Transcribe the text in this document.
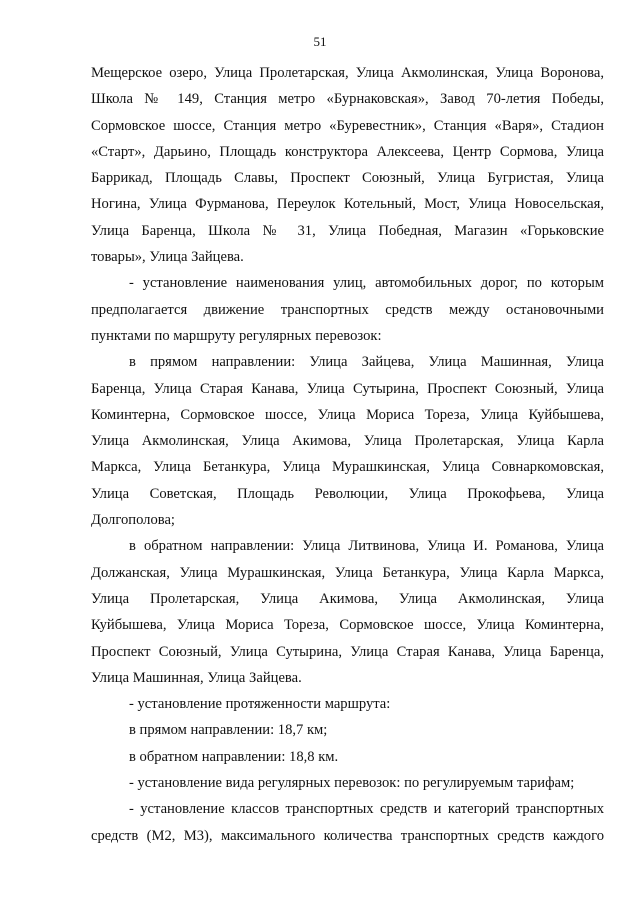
51
Мещерское озеро, Улица Пролетарская, Улица Акмолинская, Улица Воронова,
Школа № 149, Станция метро «Бурнаковская», Завод 70-летия Победы,
Сормовское шоссе, Станция метро «Буревестник», Станция «Варя», Стадион
«Старт», Дарьино, Площадь конструктора Алексеева, Центр Сормова, Улица
Баррикад, Площадь Славы, Проспект Союзный, Улица Бугристая, Улица
Ногина, Улица Фурманова, Переулок Котельный, Мост, Улица Новосельская,
Улица Баренца, Школа № 31, Улица Победная, Магазин «Горьковские
товары», Улица Зайцева.
- установление наименования улиц, автомобильных дорог, по которым
предполагается движение транспортных средств между остановочными
пунктами по маршруту регулярных перевозок:
в прямом направлении: Улица Зайцева, Улица Машинная, Улица
Баренца, Улица Старая Канава, Улица Сутырина, Проспект Союзный, Улица
Коминтерна, Сормовское шоссе, Улица Мориса Тореза, Улица Куйбышева,
Улица Акмолинская, Улица Акимова, Улица Пролетарская, Улица Карла
Маркса, Улица Бетанкура, Улица Мурашкинская, Улица Совнаркомовская,
Улица Советская, Площадь Революции, Улица Прокофьева, Улица
Долгополова;
в обратном направлении: Улица Литвинова, Улица И. Романова, Улица
Должанская, Улица Мурашкинская, Улица Бетанкура, Улица Карла Маркса,
Улица Пролетарская, Улица Акимова, Улица Акмолинская, Улица
Куйбышева, Улица Мориса Тореза, Сормовское шоссе, Улица Коминтерна,
Проспект Союзный, Улица Сутырина, Улица Старая Канава, Улица Баренца,
Улица Машинная, Улица Зайцева.
- установление протяженности маршрута:
в прямом направлении: 18,7 км;
в обратном направлении: 18,8 км.
- установление вида регулярных перевозок: по регулируемым тарифам;
- установление классов транспортных средств и категорий транспортных
средств (М2, М3), максимального количества транспортных средств каждого
